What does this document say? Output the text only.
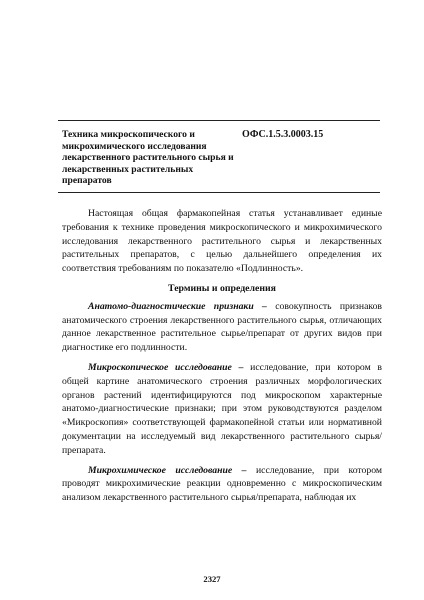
Техника микроскопического и микрохимического исследования лекарственного растительного сырья и лекарственных растительных препаратов
ОФС.1.5.3.0003.15

Настоящая общая фармакопейная статья устанавливает единые требования к технике проведения микроскопического и микрохимического исследования лекарственного растительного сырья и лекарственных растительных препаратов, с целью дальнейшего определения их соответствия требованиям по показателю «Подлинность».

Термины и определения

Анатомо-диагностические признаки – совокупность признаков анатомического строения лекарственного растительного сырья, отличающих данное лекарственное растительное сырье/препарат от других видов при диагностике его подлинности.

Микроскопическое исследование – исследование, при котором в общей картине анатомического строения различных морфологических органов растений идентифицируются под микроскопом характерные анатомо-диагностические признаки; при этом руководствуются разделом «Микроскопия» соответствующей фармакопейной статьи или нормативной документации на исследуемый вид лекарственного растительного сырья/препарата.

Микрохимическое исследование – исследование, при котором проводят микрохимические реакции одновременно с микроскопическим анализом лекарственного растительного сырья/препарата, наблюдая их

2327
